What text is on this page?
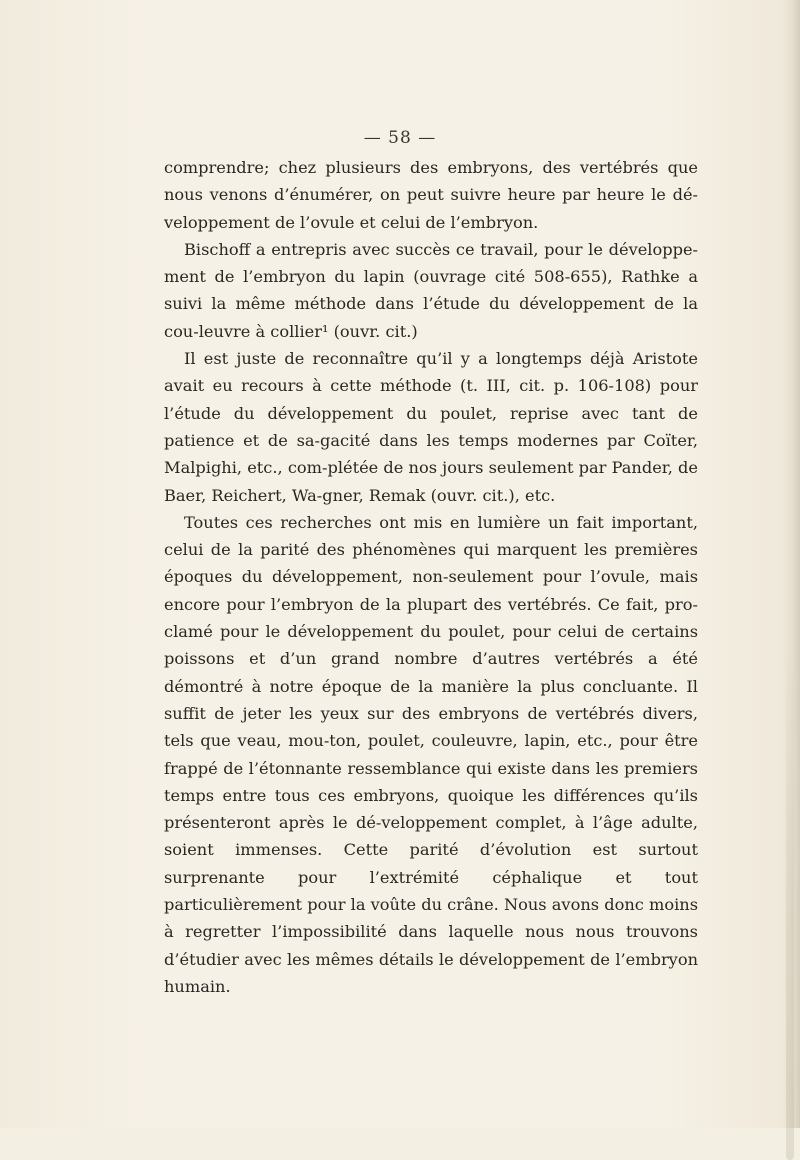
— 58 —

comprendre; chez plusieurs des embryons, des vertébrés que nous venons d’énumérer, on peut suivre heure par heure le dé-veloppement de l’ovule et celui de l’embryon.

Bischoff a entrepris avec succès ce travail, pour le développe-ment de l’embryon du lapin (ouvrage cité 508-655), Rathke a suivi la même méthode dans l’étude du développement de la cou-leuvre à collier¹ (ouvr. cit.)

Il est juste de reconnaître qu’il y a longtemps déjà Aristote avait eu recours à cette méthode (t. III, cit. p. 106-108) pour l’étude du développement du poulet, reprise avec tant de patience et de sa-gacité dans les temps modernes par Coïter, Malpighi, etc., com-plétée de nos jours seulement par Pander, de Baer, Reichert, Wa-gner, Remak (ouvr. cit.), etc.

Toutes ces recherches ont mis en lumière un fait important, celui de la parité des phénomènes qui marquent les premières époques du développement, non-seulement pour l’ovule, mais encore pour l’embryon de la plupart des vertébrés. Ce fait, pro-clamé pour le développement du poulet, pour celui de certains poissons et d’un grand nombre d’autres vertébrés a été démontré à notre époque de la manière la plus concluante. Il suffit de jeter les yeux sur des embryons de vertébrés divers, tels que veau, mou-ton, poulet, couleuvre, lapin, etc., pour être frappé de l’étonnante ressemblance qui existe dans les premiers temps entre tous ces embryons, quoique les différences qu’ils présenteront après le dé-veloppement complet, à l’âge adulte, soient immenses. Cette parité d’évolution est surtout surprenante pour l’extrémité céphalique et tout particulièrement pour la voûte du crâne. Nous avons donc moins à regretter l’impossibilité dans laquelle nous nous trouvons d’étudier avec les mêmes détails le développement de l’embryon humain.
